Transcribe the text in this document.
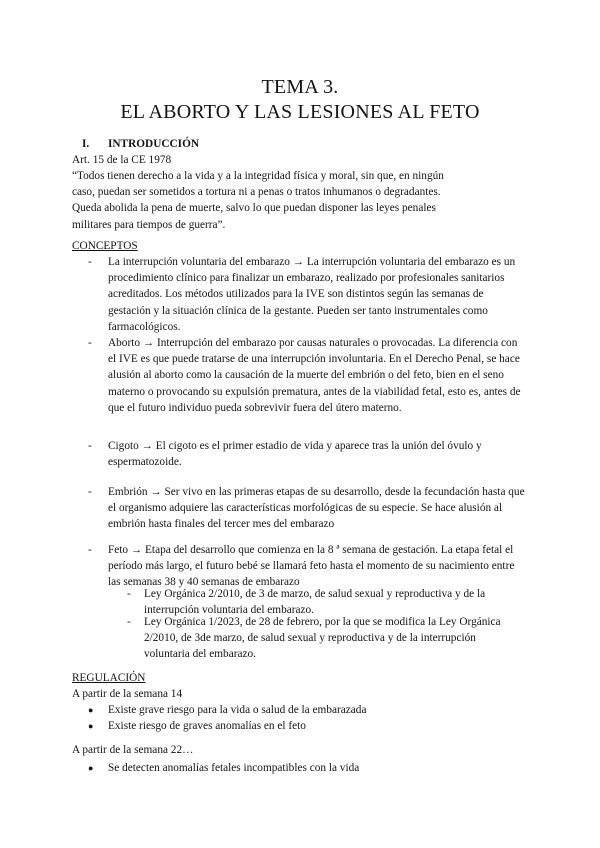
TEMA 3.
EL ABORTO Y LAS LESIONES AL FETO
I. INTRODUCCIÓN
Art. 15 de la CE 1978
“Todos tienen derecho a la vida y a la integridad física y moral, sin que, en ningún caso, puedan ser sometidos a tortura ni a penas o tratos inhumanos o degradantes. Queda abolida la pena de muerte, salvo lo que puedan disponer las leyes penales militares para tiempos de guerra”.
CONCEPTOS
-	La interrupción voluntaria del embarazo → La interrupción voluntaria del embarazo es un procedimiento clínico para finalizar un embarazo, realizado por profesionales sanitarios acreditados. Los métodos utilizados para la IVE son distintos según las semanas de gestación y la situación clínica de la gestante. Pueden ser tanto instrumentales como farmacológicos.
-	Aborto → Interrupción del embarazo por causas naturales o provocadas. La diferencia con el IVE es que puede tratarse de una interrupción involuntaria. En el Derecho Penal, se hace alusión al aborto como la causación de la muerte del embrión o del feto, bien en el seno materno o provocando su expulsión prematura, antes de la viabilidad fetal, esto es, antes de que el futuro individuo pueda sobrevivir fuera del útero materno.
-	Cigoto → El cigoto es el primer estadio de vida y aparece tras la unión del óvulo y espermatozoide.
-	Embrión → Ser vivo en las primeras etapas de su desarrollo, desde la fecundación hasta que el organismo adquiere las características morfológicas de su especie. Se hace alusión al embrión hasta finales del tercer mes del embarazo
-	Feto → Etapa del desarrollo que comienza en la 8 ª semana de gestación. La etapa fetal el período más largo, el futuro bebé se llamará feto hasta el momento de su nacimiento entre las semanas 38 y 40 semanas de embarazo
-	Ley Orgánica 2/2010, de 3 de marzo, de salud sexual y reproductiva y de la interrupción voluntaria del embarazo.
-	Ley Orgánica 1/2023, de 28 de febrero, por la que se modifica la Ley Orgánica 2/2010, de 3de marzo, de salud sexual y reproductiva y de la interrupción voluntaria del embarazo.
REGULACIÓN
A partir de la semana 14
● Existe grave riesgo para la vida o salud de la embarazada
● Existe riesgo de graves anomalías en el feto
A partir de la semana 22…
● Se detecten anomalías fetales incompatibles con la vida
